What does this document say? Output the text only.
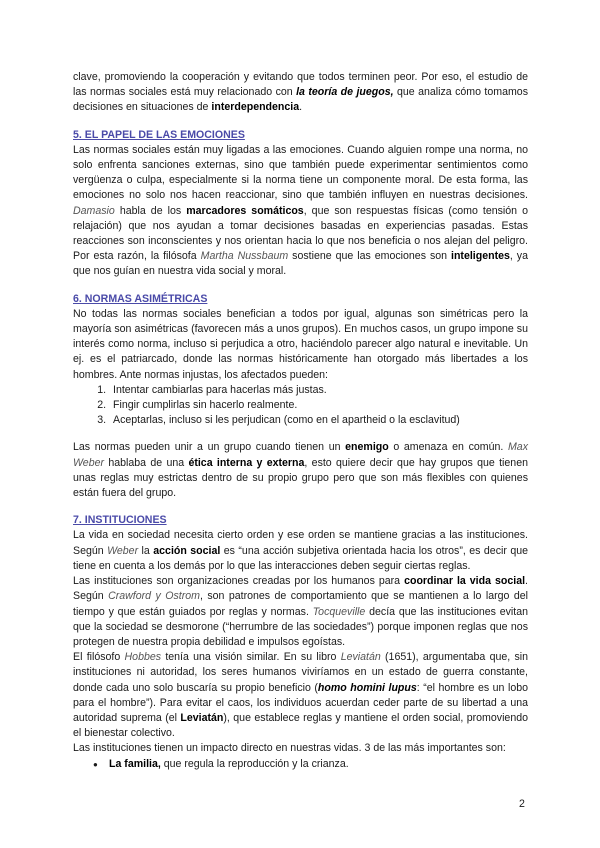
clave, promoviendo la cooperación y evitando que todos terminen peor. Por eso, el estudio de las normas sociales está muy relacionado con la teoría de juegos, que analiza cómo tomamos decisiones en situaciones de interdependencia.

5. EL PAPEL DE LAS EMOCIONES

Las normas sociales están muy ligadas a las emociones. Cuando alguien rompe una norma, no solo enfrenta sanciones externas, sino que también puede experimentar sentimientos como vergüenza o culpa, especialmente si la norma tiene un componente moral. De esta forma, las emociones no solo nos hacen reaccionar, sino que también influyen en nuestras decisiones. Damasio habla de los marcadores somáticos, que son respuestas físicas (como tensión o relajación) que nos ayudan a tomar decisiones basadas en experiencias pasadas. Estas reacciones son inconscientes y nos orientan hacia lo que nos beneficia o nos alejan del peligro. Por esta razón, la filósofa Martha Nussbaum sostiene que las emociones son inteligentes, ya que nos guían en nuestra vida social y moral.

6. NORMAS ASIMÉTRICAS

No todas las normas sociales benefician a todos por igual, algunas son simétricas pero la mayoría son asimétricas (favorecen más a unos grupos). En muchos casos, un grupo impone su interés como norma, incluso si perjudica a otro, haciéndolo parecer algo natural e inevitable. Un ej. es el patriarcado, donde las normas históricamente han otorgado más libertades a los hombres. Ante normas injustas, los afectados pueden:

1. Intentar cambiarlas para hacerlas más justas.
2. Fingir cumplirlas sin hacerlo realmente.
3. Aceptarlas, incluso si les perjudican (como en el apartheid o la esclavitud)

Las normas pueden unir a un grupo cuando tienen un enemigo o amenaza en común. Max Weber hablaba de una ética interna y externa, esto quiere decir que hay grupos que tienen unas reglas muy estrictas dentro de su propio grupo pero que son más flexibles con quienes están fuera del grupo.

7. INSTITUCIONES

La vida en sociedad necesita cierto orden y ese orden se mantiene gracias a las instituciones. Según Weber la acción social es “una acción subjetiva orientada hacia los otros”, es decir que tiene en cuenta a los demás por lo que las interacciones deben seguir ciertas reglas.

Las instituciones son organizaciones creadas por los humanos para coordinar la vida social. Según Crawford y Ostrom, son patrones de comportamiento que se mantienen a lo largo del tiempo y que están guiados por reglas y normas. Tocqueville decía que las instituciones evitan que la sociedad se desmorone (“herrumbre de las sociedades”) porque imponen reglas que nos protegen de nuestra propia debilidad e impulsos egoístas.

El filósofo Hobbes tenía una visión similar. En su libro Leviatán (1651), argumentaba que, sin instituciones ni autoridad, los seres humanos viviríamos en un estado de guerra constante, donde cada uno solo buscaría su propio beneficio (homo homini lupus: “el hombre es un lobo para el hombre”). Para evitar el caos, los individuos acuerdan ceder parte de su libertad a una autoridad suprema (el Leviatán), que establece reglas y mantiene el orden social, promoviendo el bienestar colectivo.

Las instituciones tienen un impacto directo en nuestras vidas. 3 de las más importantes son:

● La familia, que regula la reproducción y la crianza.
2
